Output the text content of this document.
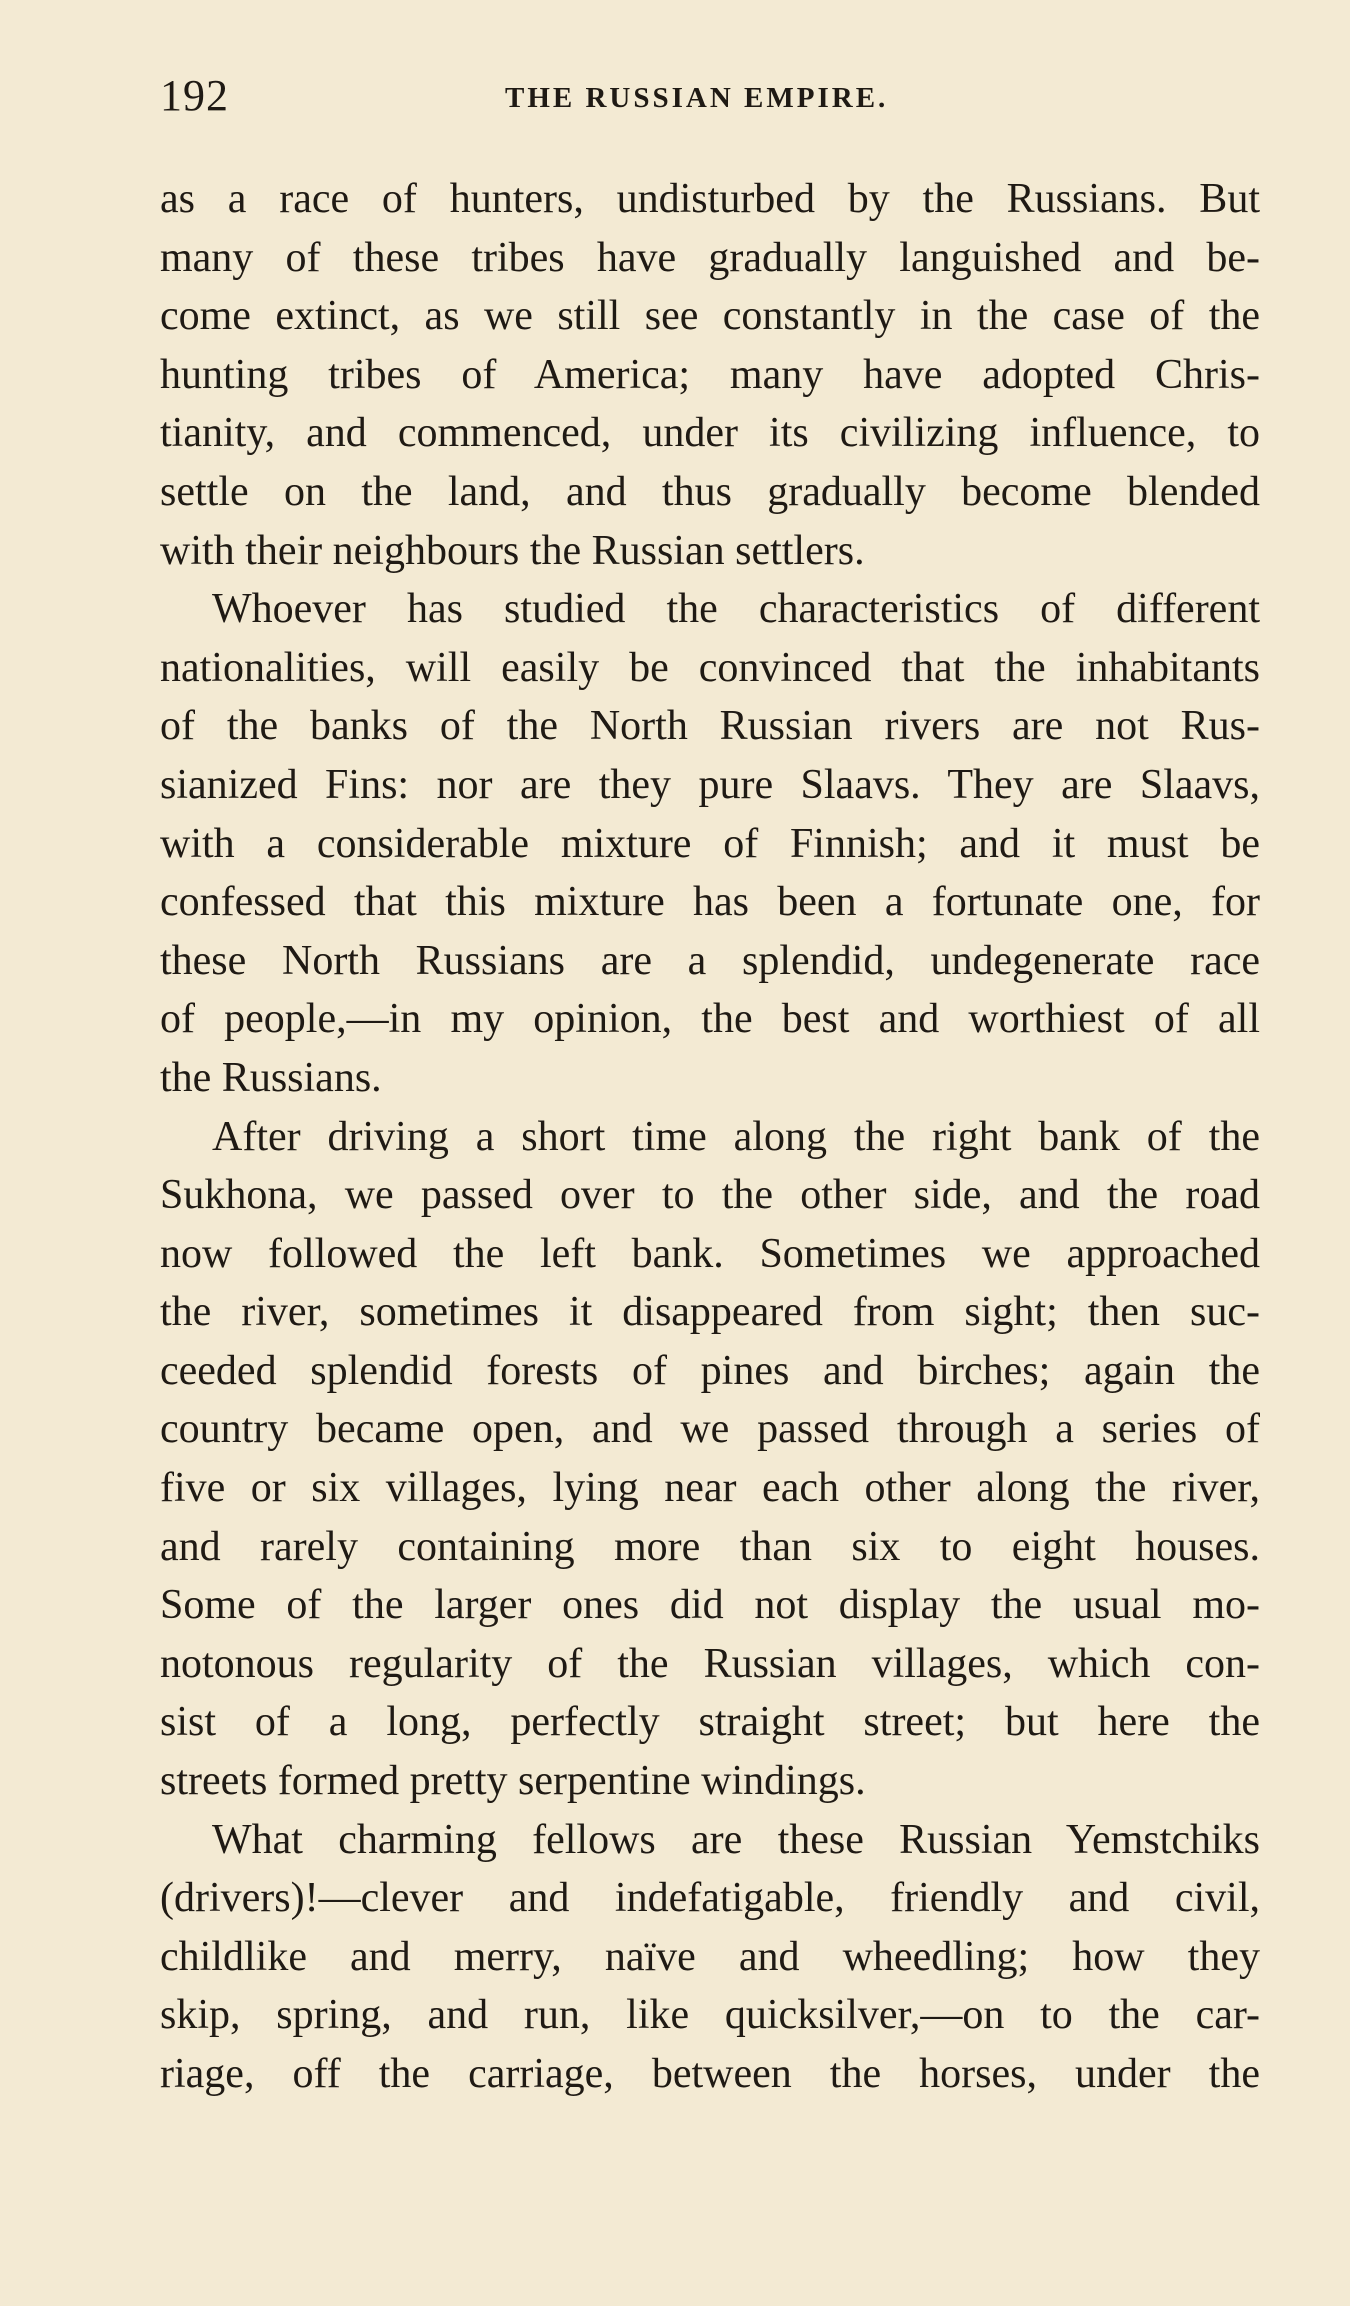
192	THE RUSSIAN EMPIRE.
as a race of hunters, undisturbed by the Russians. But
many of these tribes have gradually languished and be-
come extinct, as we still see constantly in the case of the
hunting tribes of America; many have adopted Chris-
tianity, and commenced, under its civilizing influence, to
settle on the land, and thus gradually become blended
with their neighbours the Russian settlers.
Whoever has studied the characteristics of different
nationalities, will easily be convinced that the inhabitants
of the banks of the North Russian rivers are not Rus-
sianized Fins: nor are they pure Slaavs. They are Slaavs,
with a considerable mixture of Finnish; and it must be
confessed that this mixture has been a fortunate one, for
these North Russians are a splendid, undegenerate race
of people,—in my opinion, the best and worthiest of all
the Russians.
After driving a short time along the right bank of the
Sukhona, we passed over to the other side, and the road
now followed the left bank. Sometimes we approached
the river, sometimes it disappeared from sight; then suc-
ceeded splendid forests of pines and birches; again the
country became open, and we passed through a series of
five or six villages, lying near each other along the river,
and rarely containing more than six to eight houses.
Some of the larger ones did not display the usual mo-
notonous regularity of the Russian villages, which con-
sist of a long, perfectly straight street; but here the
streets formed pretty serpentine windings.
What charming fellows are these Russian Yemstchiks
(drivers)!—clever and indefatigable, friendly and civil,
childlike and merry, naïve and wheedling; how they
skip, spring, and run, like quicksilver,—on to the car-
riage, off the carriage, between the horses, under the
